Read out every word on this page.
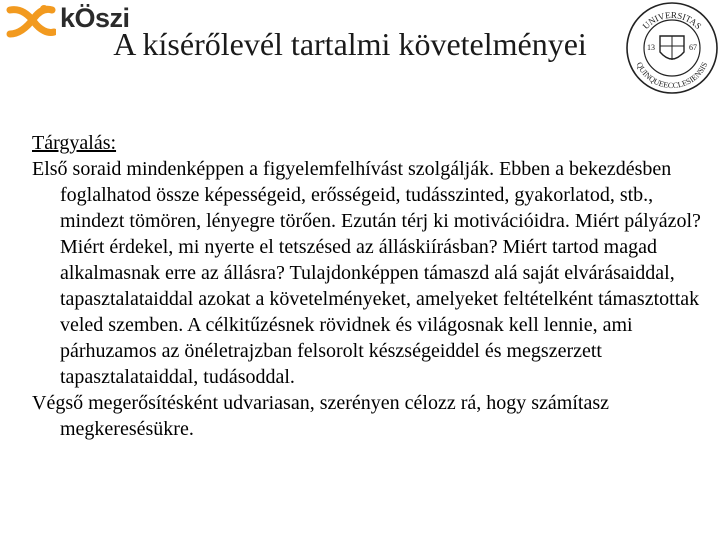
kÖszi	UNIVERSITAS
QUINQUEECCLESIENSIS
13	67
A kísérőlevél tartalmi követelményei
Tárgyalás:

Első soraid mindenképpen a figyelemfelhívást szolgálják. Ebben a bekezdésben foglalhatod össze képességeid, erősségeid, tudásszinted, gyakorlatod, stb., mindezt tömören, lényegre törően. Ezután térj ki motivációidra. Miért pályázol? Miért érdekel, mi nyerte el tetszésed az álláskiírásban? Miért tartod magad alkalmasnak erre az állásra? Tulajdonképpen támaszd alá saját elvárásaiddal, tapasztalataiddal azokat a követelményeket, amelyeket feltételként támasztottak veled szemben. A célkitűzésnek rövidnek és világosnak kell lennie, ami párhuzamos az önéletrajzban felsorolt készségeiddel és megszerzett tapasztalataiddal, tudásoddal.

Végső megerősítésként udvariasan, szerényen célozz rá, hogy számítasz megkeresésükre.
